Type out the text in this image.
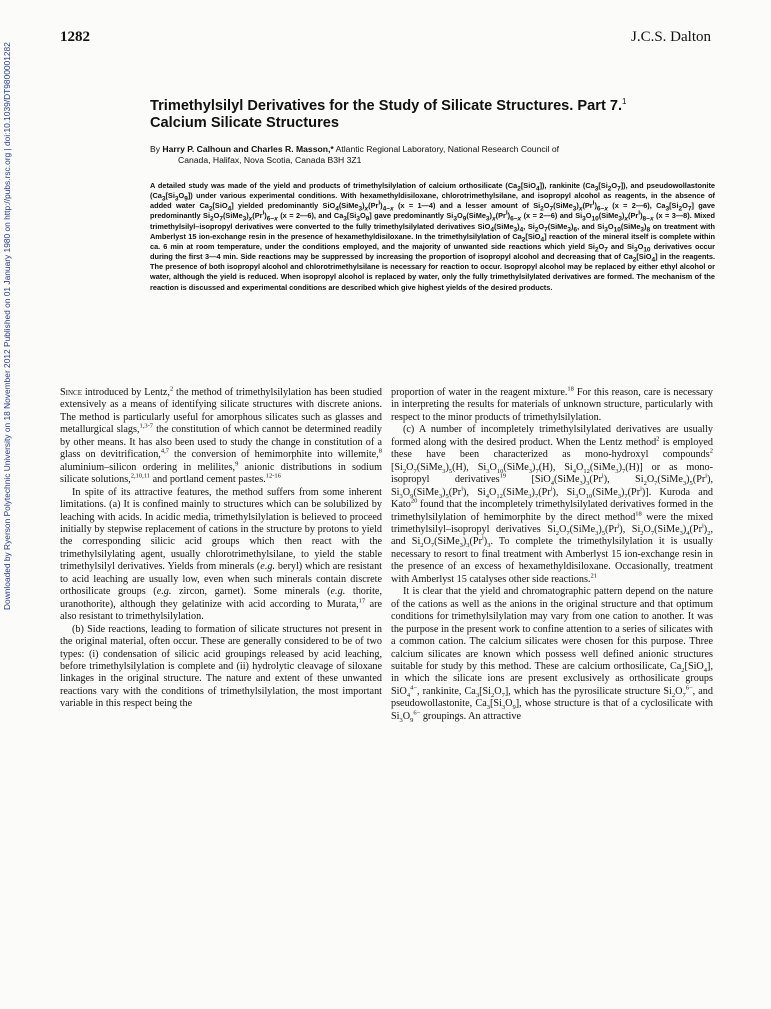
1282	J.C.S. Dalton
Downloaded by Ryerson Polytechnic University on 18 November 2012 Published on 01 January 1980 on http://pubs.rsc.org | doi:10.1039/DT9800001282	Trimethylsilyl Derivatives for the Study of Silicate Structures. Part 7.$^1$
Calcium Silicate Structures
By Harry P. Calhoun and Charles R. Masson,* Atlantic Regional Laboratory, National Research Council of
Canada, Halifax, Nova Scotia, Canada B3H 3Z1
A detailed study was made of the yield and products of trimethylsilylation of calcium orthosilicate $(Ca_2[SiO_4])$, rankinite $(Ca_3[Si_2O_7])$, and pseudowollastonite $(Ca_3[Si_3O_9])$ under various experimental conditions. With hexamethyldisiloxane, chlorotrimethylsilane, and isopropyl alcohol as reagents, in the absence of added water $Ca_2[SiO_4]$ yielded predominantly $SiO_4(SiMe_3)_x(Pr^i)_{4-x}$ (x = 1—4) and a lesser amount of $Si_2O_7(SiMe_3)_x(Pr^i)_{6-x}$ (x = 2—6), $Ca_3[Si_2O_7]$ gave predominantly $Si_2O_7(SiMe_3)_x(Pr^i)_{6-x}$ (x = 2—6), and $Ca_3[Si_3O_9]$ gave predominantly $Si_3O_9(SiMe_3)_x(Pr^i)_{6-x}$ (x = 2—6) and $Si_3O_{10}(SiMe_3)_x(Pr^i)_{8-x}$ (x = 3—8). Mixed trimethylsilyl–isopropyl derivatives were converted to the fully trimethylsilylated derivatives $SiO_4(SiMe_3)_4$, $Si_2O_7(SiMe_3)_6$, and $Si_3O_{10}(SiMe_3)_8$ on treatment with Amberlyst 15 ion-exchange resin in the presence of hexamethyldisiloxane. In the trimethylsilylation of $Ca_2[SiO_4]$ reaction of the mineral itself is complete within ca. 6 min at room temperature, under the conditions employed, and the majority of unwanted side reactions which yield $Si_2O_7$ and $Si_3O_{10}$ derivatives occur during the first 3—4 min. Side reactions may be suppressed by increasing the proportion of isopropyl alcohol and decreasing that of $Ca_2[SiO_4]$ in the reagents. The presence of both isopropyl alcohol and chlorotrimethylsilane is necessary for reaction to occur. Isopropyl alcohol may be replaced by either ethyl alcohol or water, although the yield is reduced. When isopropyl alcohol is replaced by water, only the fully trimethylsilylated derivatives are formed. The mechanism of the reaction is discussed and experimental conditions are described which give highest yields of the desired products.

Since introduced by Lentz,$^2$ the method of trimethylsilylation has been studied extensively as a means of identifying silicate structures with discrete anions. The method is particularly useful for amorphous silicates such as glasses and metallurgical slags,$^{1,3-7}$ the constitution of which cannot be determined readily by other means. It has also been used to study the change in constitution of a glass on devitrification,$^{4,7}$ the conversion of hemimorphite into willemite,$^8$ aluminium–silicon ordering in melilites,$^9$ anionic distributions in sodium silicate solutions,$^{2,10,11}$ and portland cement pastes.$^{12-16}$

In spite of its attractive features, the method suffers from some inherent limitations. (a) It is confined mainly to structures which can be solubilized by leaching with acids. In acidic media, trimethylsilylation is believed to proceed initially by stepwise replacement of cations in the structure by protons to yield the corresponding silicic acid groups which then react with the trimethylsilylating agent, usually chlorotrimethylsilane, to yield the stable trimethylsilyl derivatives. Yields from minerals (e.g. beryl) which are resistant to acid leaching are usually low, even when such minerals contain discrete orthosilicate groups (e.g. zircon, garnet). Some minerals (e.g. thorite, uranothorite), although they gelatinize with acid according to Murata,$^{17}$ are also resistant to trimethylsilylation.

(b) Side reactions, leading to formation of silicate structures not present in the original material, often occur. These are generally considered to be of two types: (i) condensation of silicic acid groupings released by acid leaching, before trimethylsilylation is complete and (ii) hydrolytic cleavage of siloxane linkages in the original structure. The nature and extent of these unwanted reactions vary with the conditions of trimethylsilylation, the most important variable in this respect being the

proportion of water in the reagent mixture.$^{18}$ For this reason, care is necessary in interpreting the results for materials of unknown structure, particularly with respect to the minor products of trimethylsilylation.

(c) A number of incompletely trimethylsilylated derivatives are usually formed along with the desired product. When the Lentz method$^2$ is employed these have been characterized as mono-hydroxyl compounds$^2$ [$Si_2O_7(SiMe_3)_5(H)$, $Si_3O_{10}(SiMe_3)_7(H)$, $Si_4O_{12}(SiMe_3)_7(H)$] or as mono-isopropyl derivatives$^{19}$ [$SiO_4(SiMe_3)_3(Pr^i)$, $Si_2O_7(SiMe_3)_5(Pr^i)$, $Si_3O_9(SiMe_3)_5(Pr^i)$, $Si_4O_{12}(SiMe_3)_7(Pr^i)$, $Si_3O_{10}(SiMe_3)_7(Pr^i)$]. Kuroda and Kato$^{20}$ found that the incompletely trimethylsilylated derivatives formed in the trimethylsilylation of hemimorphite by the direct method$^{18}$ were the mixed trimethylsilyl–isopropyl derivatives $Si_2O_7(SiMe_3)_5(Pr^i)$, $Si_2O_7(SiMe_3)_4(Pr^i)_2$, and $Si_2O_7(SiMe_3)_3(Pr^i)_3$. To complete the trimethylsilylation it is usually necessary to resort to final treatment with Amberlyst 15 ion-exchange resin in the presence of an excess of hexamethyldisiloxane. Occasionally, treatment with Amberlyst 15 catalyses other side reactions.$^{21}$

It is clear that the yield and chromatographic pattern depend on the nature of the cations as well as the anions in the original structure and that optimum conditions for trimethylsilylation may vary from one cation to another. It was the purpose in the present work to confine attention to a series of silicates with a common cation. The calcium silicates were chosen for this purpose. Three calcium silicates are known which possess well defined anionic structures suitable for study by this method. These are calcium orthosilicate, $Ca_2[SiO_4]$, in which the silicate ions are present exclusively as orthosilicate groups SiO$_4^{4-}$, rankinite, $Ca_3[Si_2O_7]$, which has the pyrosilicate structure $Si_2O_7^{6-}$, and pseudowollastonite, $Ca_3[Si_3O_9]$, whose structure is that of a cyclosilicate with $Si_3O_9^{6-}$ groupings. An attractive
